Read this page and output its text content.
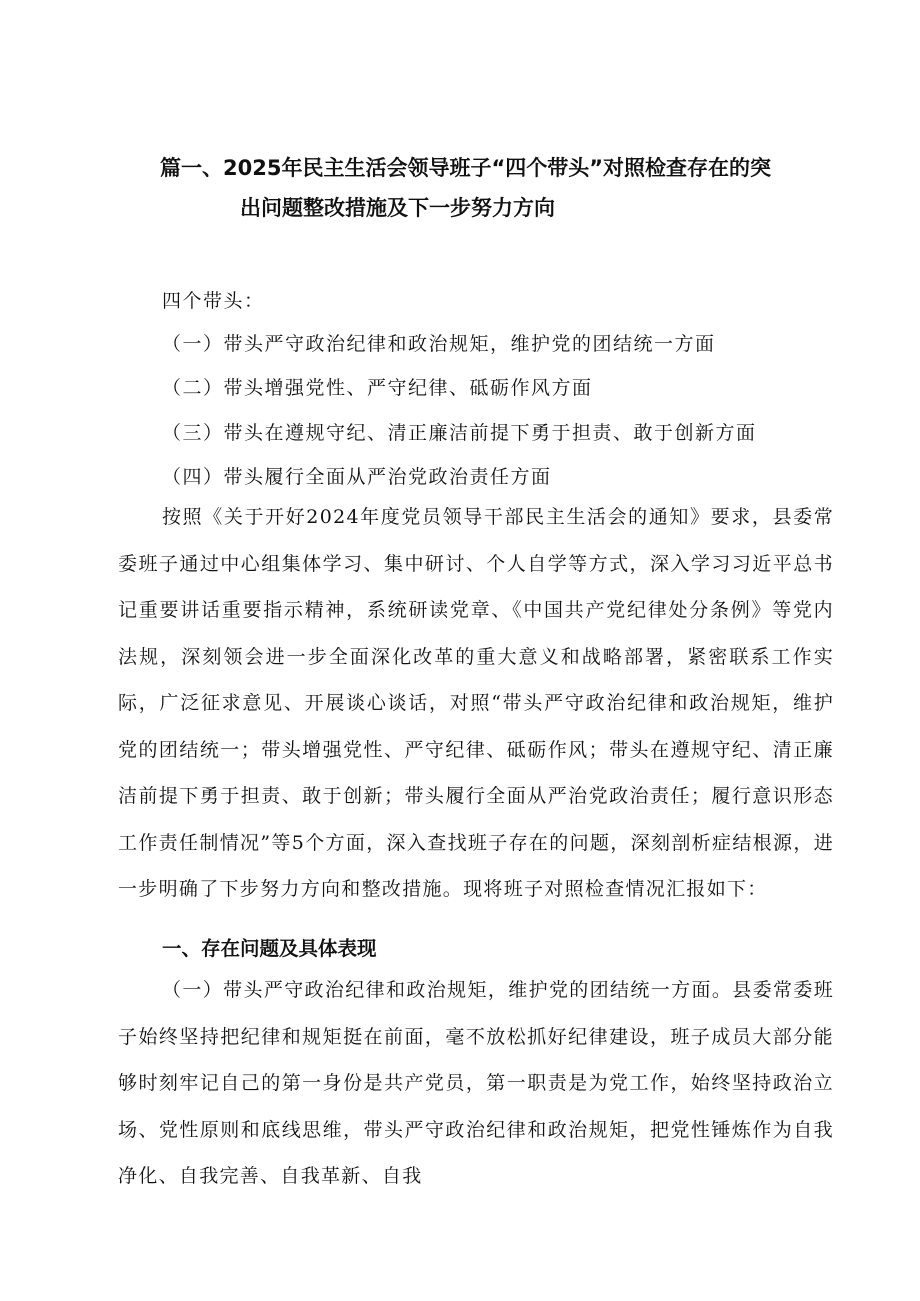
篇一、2025年民主生活会领导班子“四个带头”对照检查存在的突
出问题整改措施及下一步努力方向
四个带头：
（一）带头严守政治纪律和政治规矩，维护党的团结统一方面
（二）带头增强党性、严守纪律、砥砺作风方面
（三）带头在遵规守纪、清正廉洁前提下勇于担责、敢于创新方面
（四）带头履行全面从严治党政治责任方面
按照《关于开好2024年度党员领导干部民主生活会的通知》要求，县委常委班子通过中心组集体学习、集中研讨、个人自学等方式，深入学习习近平总书记重要讲话重要指示精神，系统研读党章、《中国共产党纪律处分条例》等党内法规，深刻领会进一步全面深化改革的重大意义和战略部署，紧密联系工作实际，广泛征求意见、开展谈心谈话，对照“带头严守政治纪律和政治规矩，维护党的团结统一；带头增强党性、严守纪律、砥砺作风；带头在遵规守纪、清正廉洁前提下勇于担责、敢于创新；带头履行全面从严治党政治责任；履行意识形态工作责任制情况”等5个方面，深入查找班子存在的问题，深刻剖析症结根源，进一步明确了下步努力方向和整改措施。现将班子对照检查情况汇报如下：
一、存在问题及具体表现
（一）带头严守政治纪律和政治规矩，维护党的团结统一方面。县委常委班子始终坚持把纪律和规矩挺在前面，毫不放松抓好纪律建设，班子成员大部分能够时刻牢记自己的第一身份是共产党员，第一职责是为党工作，始终坚持政治立场、党性原则和底线思维，带头严守政治纪律和政治规矩，把党性锤炼作为自我净化、自我完善、自我革新、自我
